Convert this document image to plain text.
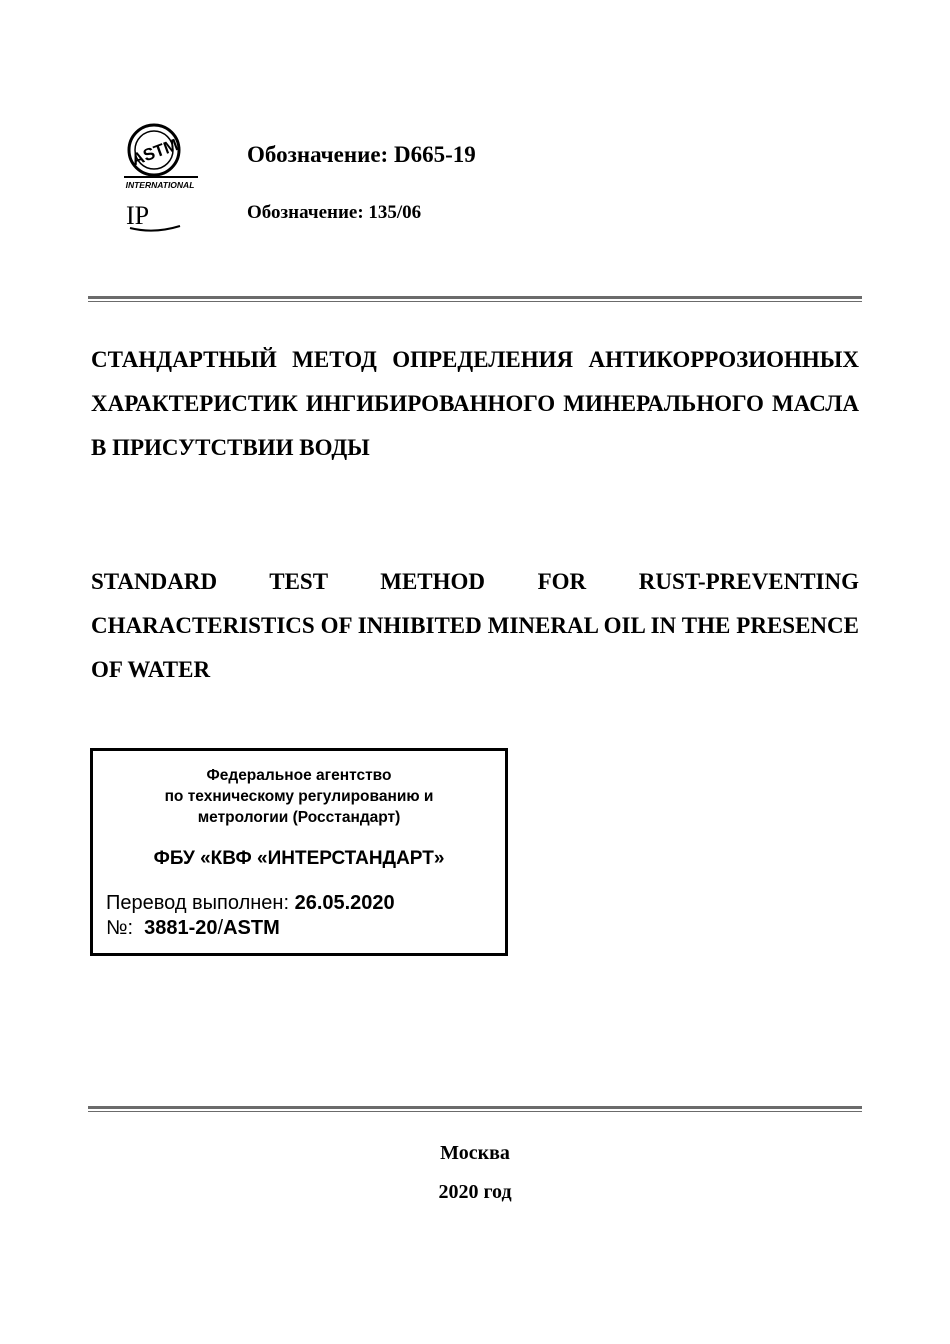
ASTM
INTERNATIONAL
IP
Обозначение: D665-19
Обозначение: 135/06
СТАНДАРТНЫЙ МЕТОД ОПРЕДЕЛЕНИЯ АНТИКОРРОЗИОННЫХ ХАРАКТЕРИСТИК ИНГИБИРОВАННОГО МИНЕРАЛЬНОГО МАСЛА В ПРИСУТСТВИИ ВОДЫ
STANDARD TEST METHOD FOR RUST-PREVENTING CHARACTERISTICS OF INHIBITED MINERAL OIL IN THE PRESENCE OF WATER
Федеральное агентство
по техническому регулированию и
метрологии (Росстандарт)
ФБУ «КВФ «ИНТЕРСТАНДАРТ»
Перевод выполнен: 26.05.2020
№: 3881-20/ASTM
Москва
2020 год
